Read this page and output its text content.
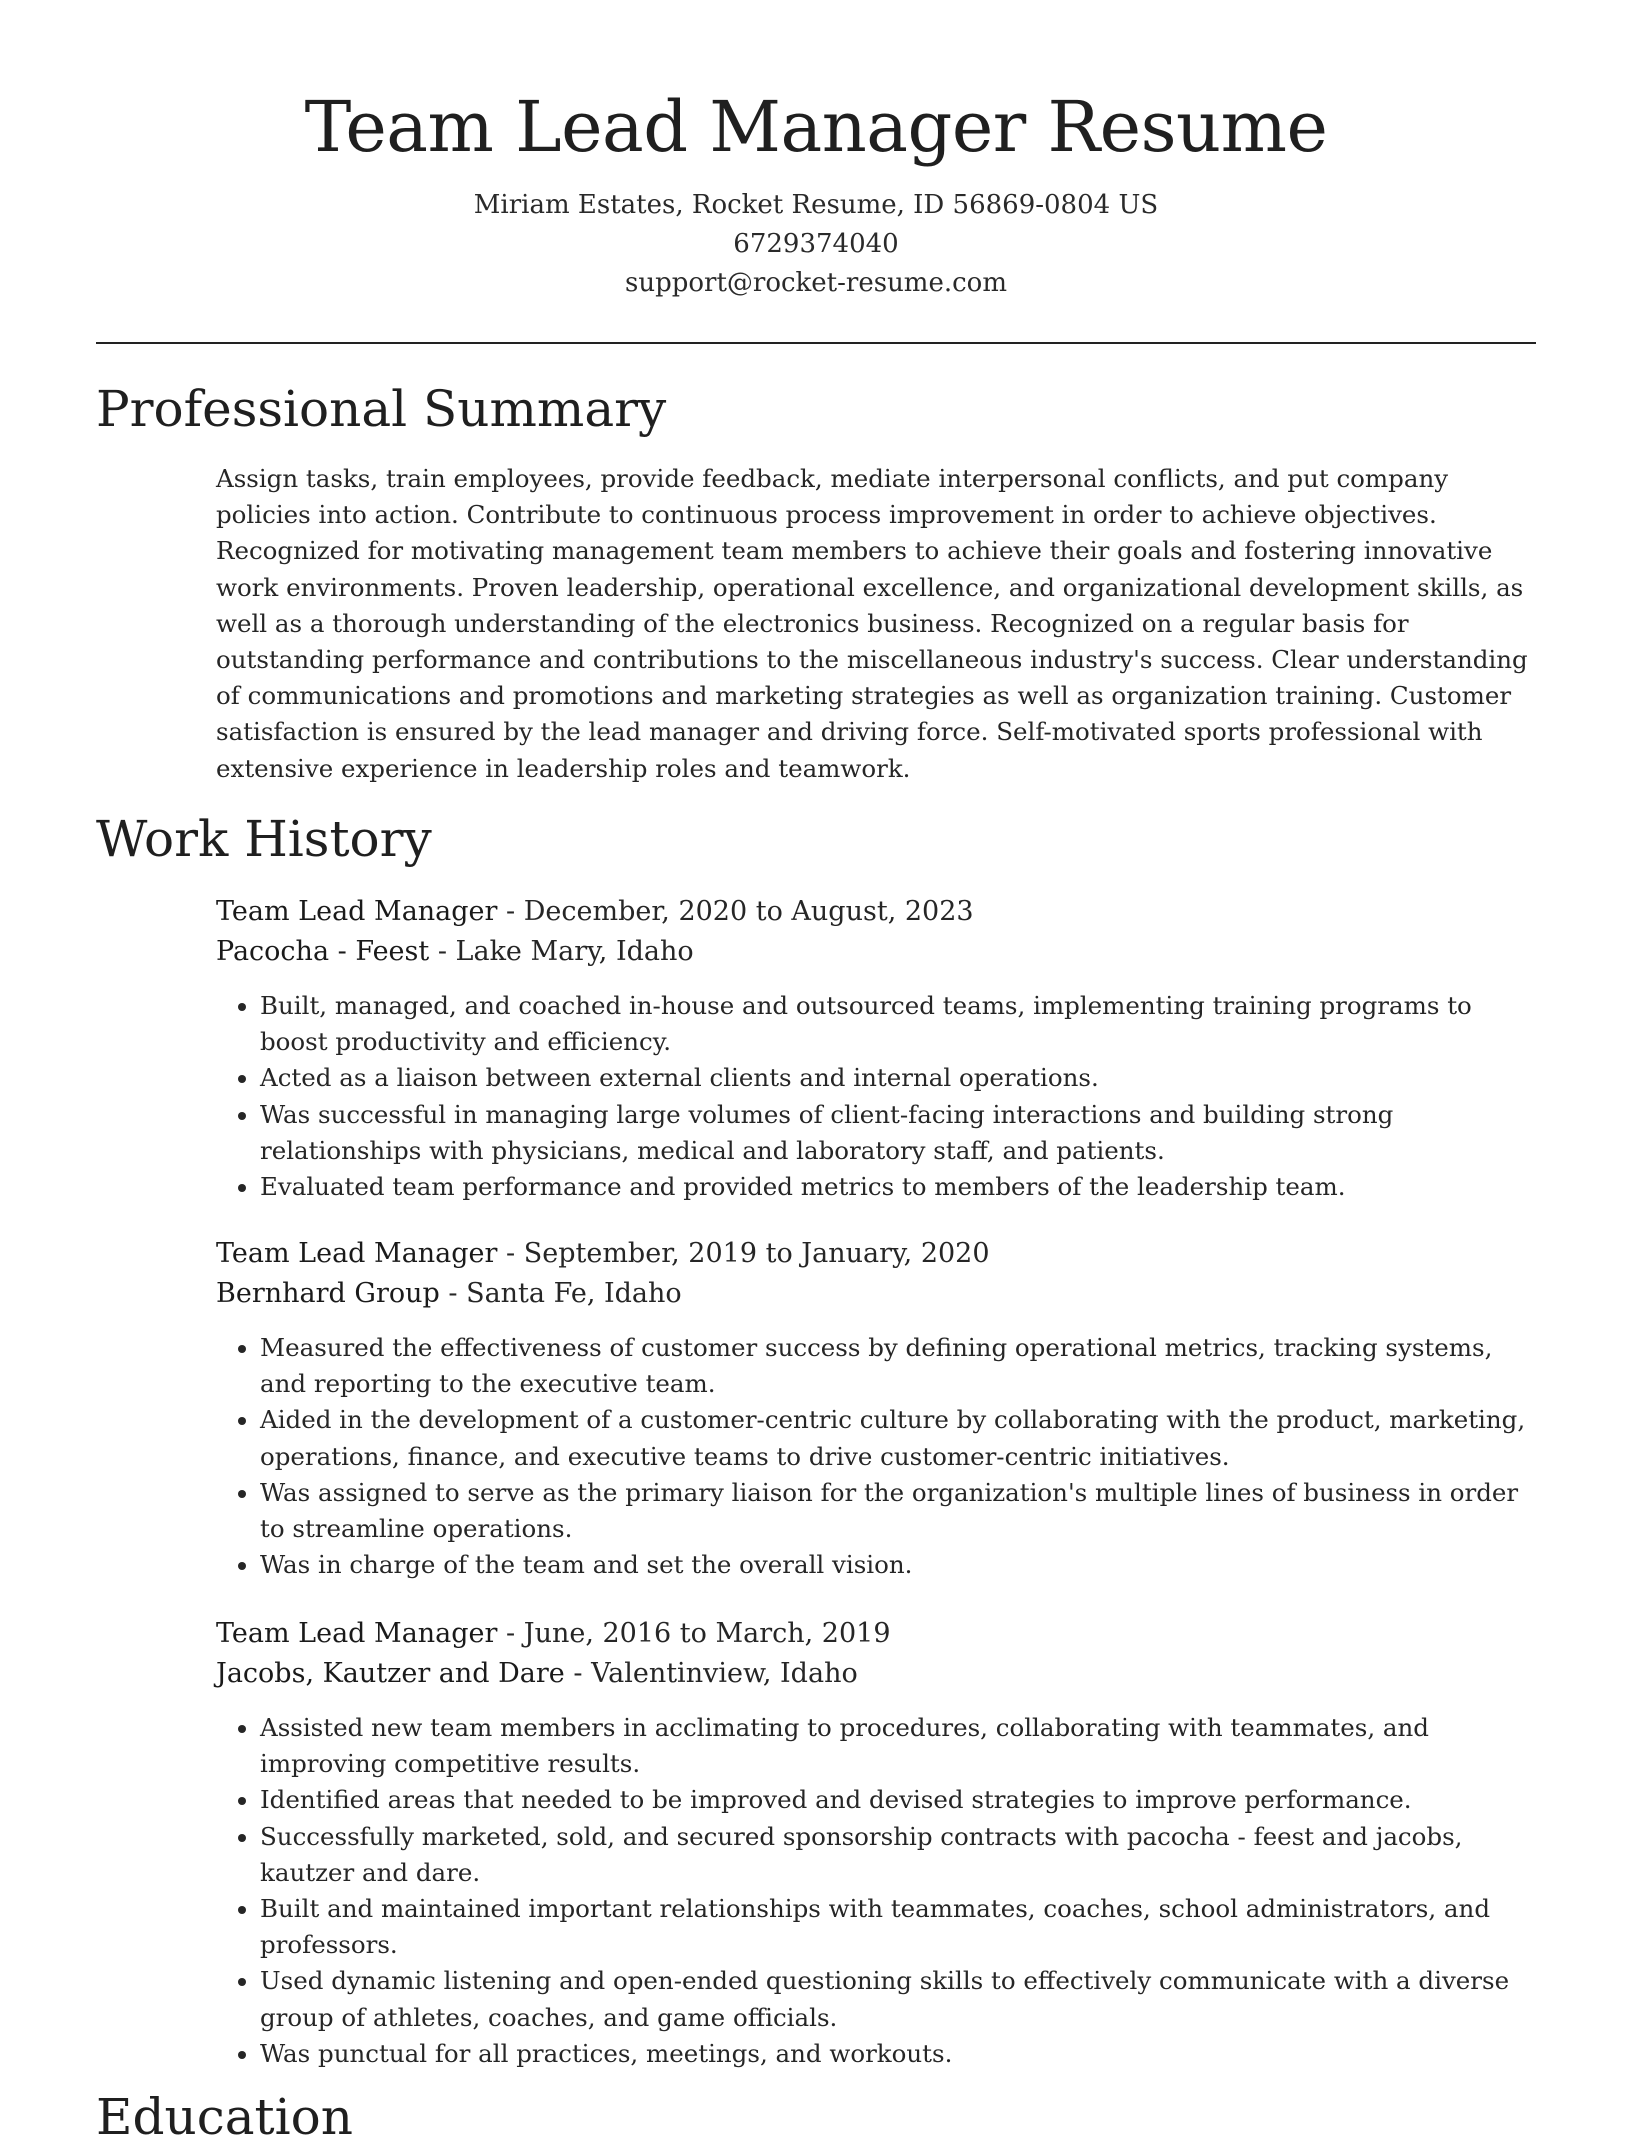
Team Lead Manager Resume
Miriam Estates, Rocket Resume, ID 56869-0804 US
6729374040
support@rocket-resume.com
Professional Summary

Assign tasks, train employees, provide feedback, mediate interpersonal conflicts, and put company policies into action. Contribute to continuous process improvement in order to achieve objectives. Recognized for motivating management team members to achieve their goals and fostering innovative work environments. Proven leadership, operational excellence, and organizational development skills, as well as a thorough understanding of the electronics business. Recognized on a regular basis for outstanding performance and contributions to the miscellaneous industry's success. Clear understanding of communications and promotions and marketing strategies as well as organization training. Customer satisfaction is ensured by the lead manager and driving force. Self-motivated sports professional with extensive experience in leadership roles and teamwork.

Work History
Team Lead Manager - December, 2020 to August, 2023
Pacocha - Feest - Lake Mary, Idaho
• Built, managed, and coached in-house and outsourced teams, implementing training programs to boost productivity and efficiency.
• Acted as a liaison between external clients and internal operations.
• Was successful in managing large volumes of client-facing interactions and building strong relationships with physicians, medical and laboratory staff, and patients.
• Evaluated team performance and provided metrics to members of the leadership team.
Team Lead Manager - September, 2019 to January, 2020
Bernhard Group - Santa Fe, Idaho
• Measured the effectiveness of customer success by defining operational metrics, tracking systems, and reporting to the executive team.
• Aided in the development of a customer-centric culture by collaborating with the product, marketing, operations, finance, and executive teams to drive customer-centric initiatives.
• Was assigned to serve as the primary liaison for the organization's multiple lines of business in order to streamline operations.
• Was in charge of the team and set the overall vision.
Team Lead Manager - June, 2016 to March, 2019
Jacobs, Kautzer and Dare - Valentinview, Idaho
• Assisted new team members in acclimating to procedures, collaborating with teammates, and improving competitive results.
• Identified areas that needed to be improved and devised strategies to improve performance.
• Successfully marketed, sold, and secured sponsorship contracts with pacocha - feest and jacobs, kautzer and dare.
• Built and maintained important relationships with teammates, coaches, school administrators, and professors.
• Used dynamic listening and open-ended questioning skills to effectively communicate with a diverse group of athletes, coaches, and game officials.
• Was punctual for all practices, meetings, and workouts.
Education
